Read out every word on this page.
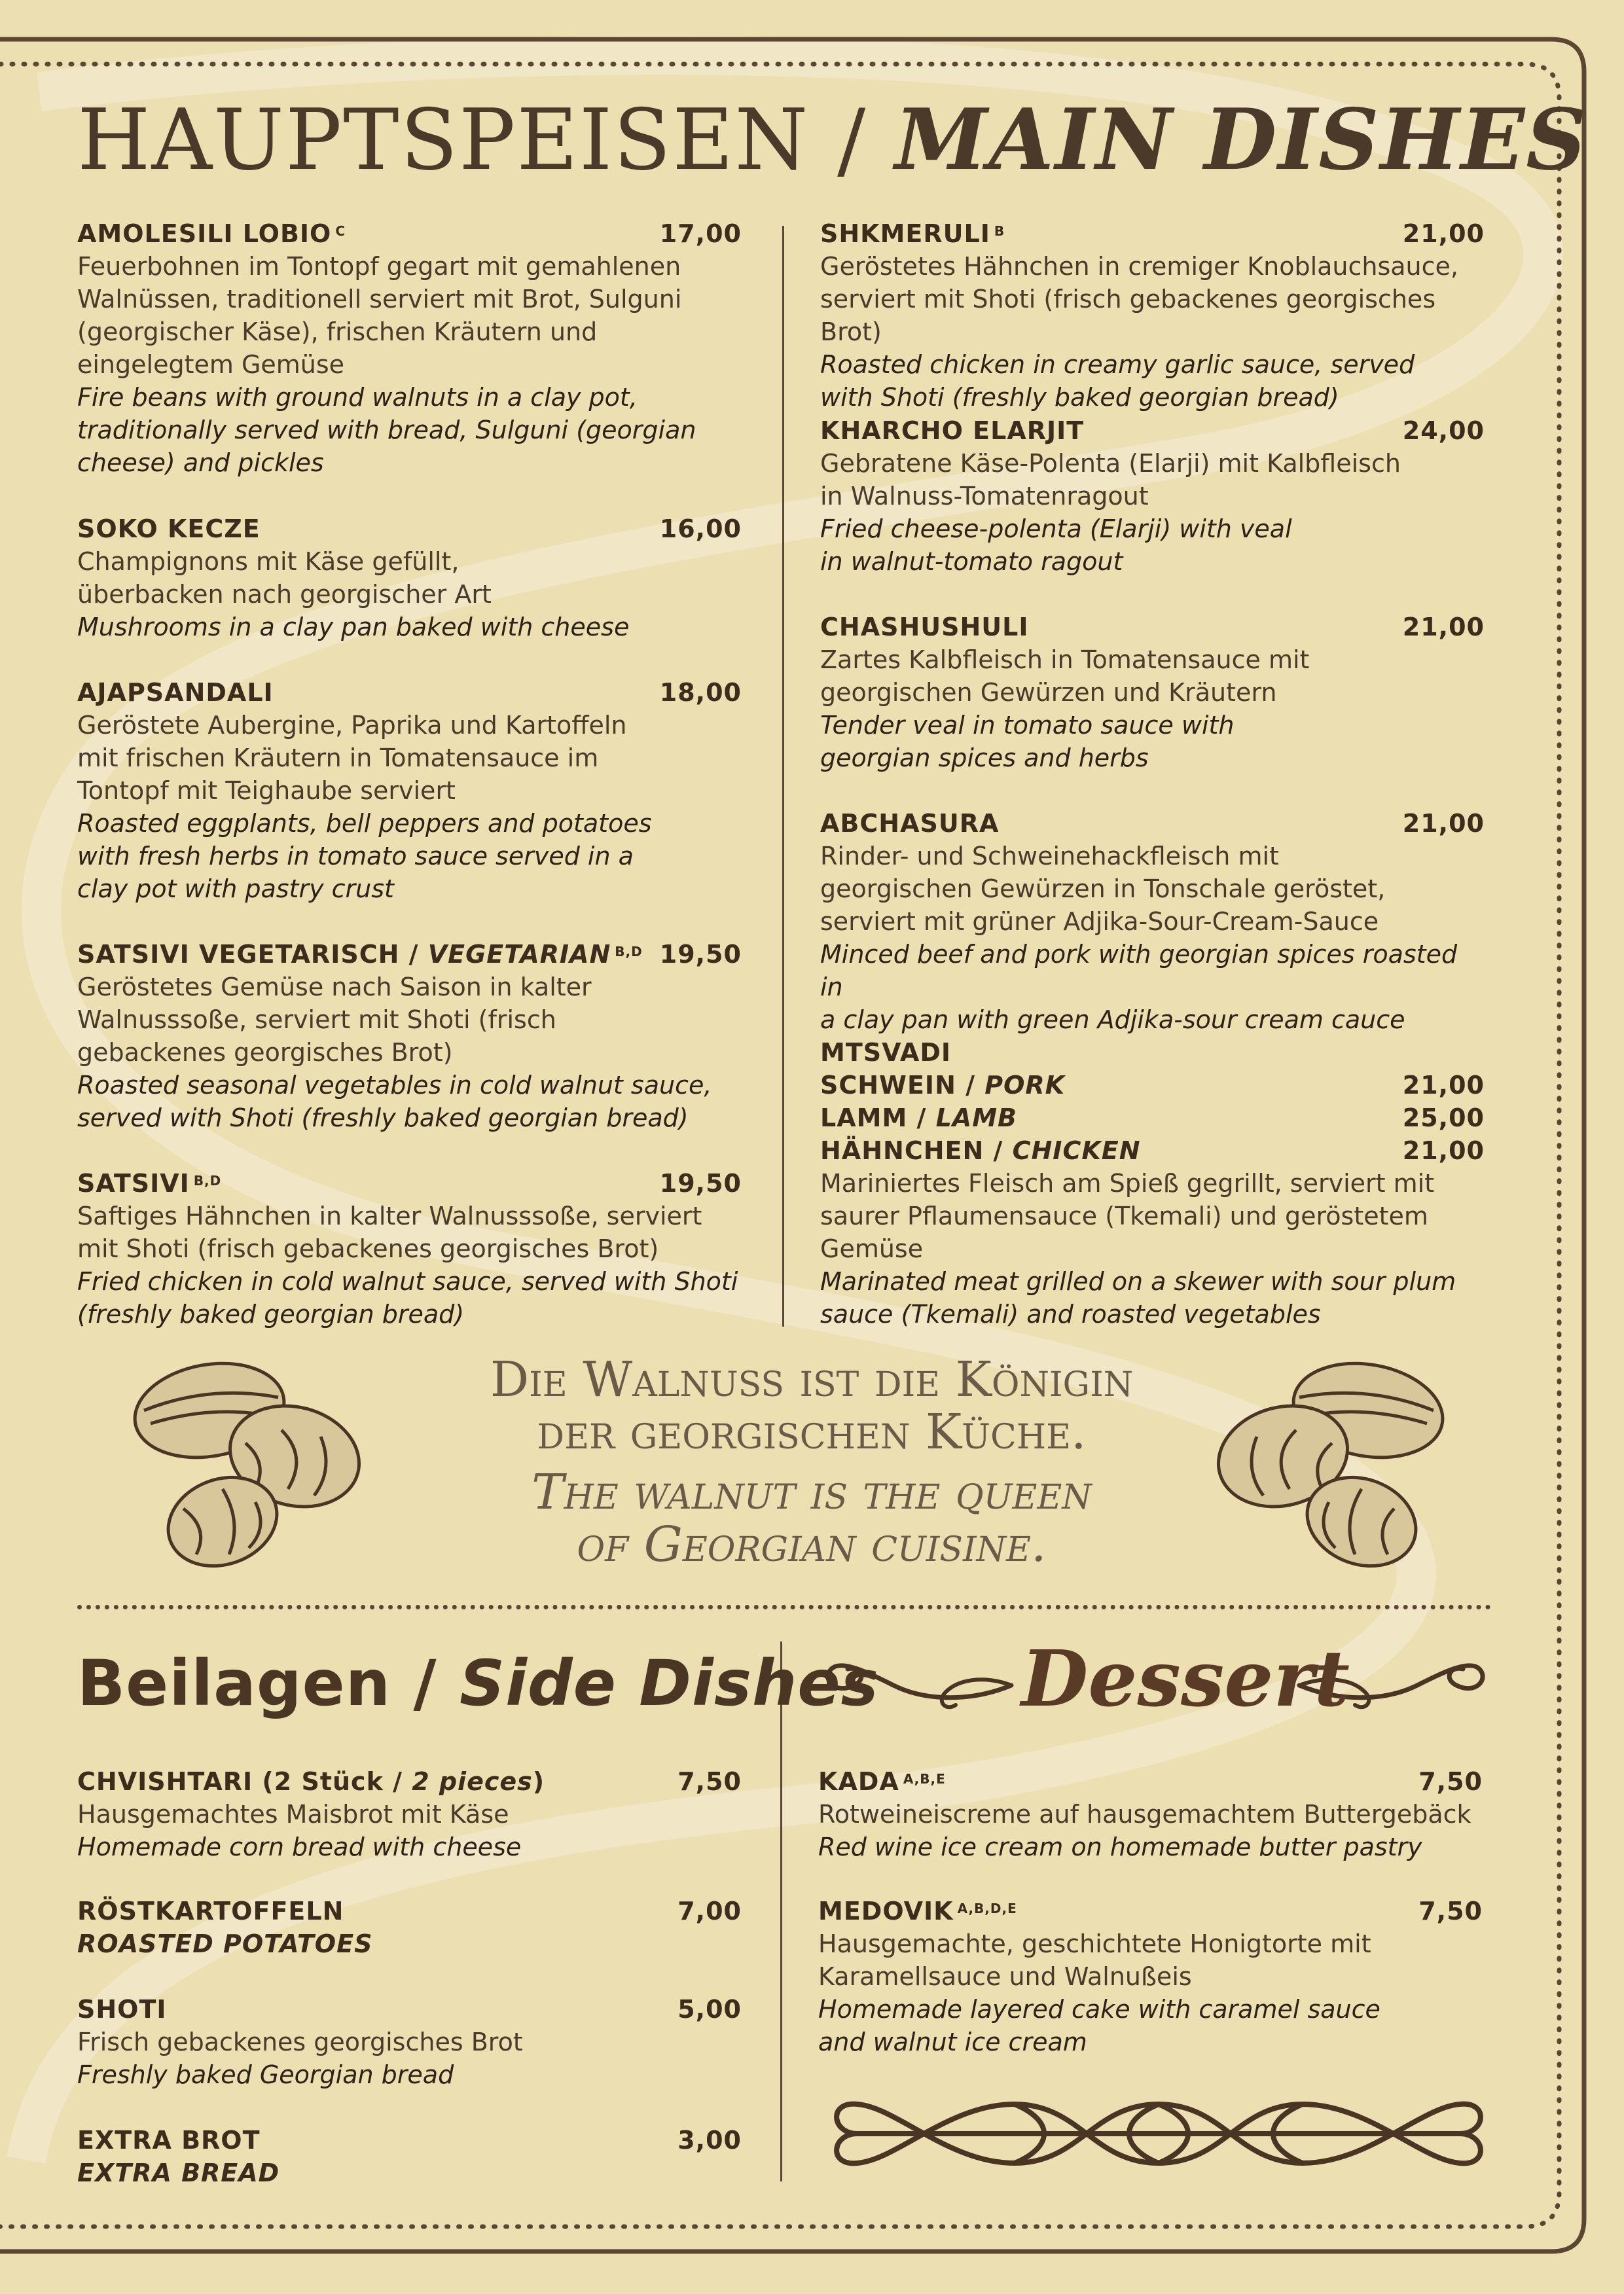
HAUPTSPEISEN / MAIN DISHES
AMOLESILI LOBIO $^C$	17,00
Feuerbohnen im Tontopf gegart mit gemahlenen
Walnüssen, traditionell serviert mit Brot, Sulguni
(georgischer Käse), frischen Kräutern und
eingelegtem Gemüse
Fire beans with ground walnuts in a clay pot,
traditionally served with bread, Sulguni (georgian
cheese) and pickles
SOKO KECZE	16,00
Champignons mit Käse gefüllt,
überbacken nach georgischer Art
Mushrooms in a clay pan baked with cheese
AJAPSANDALI	18,00
Geröstete Aubergine, Paprika und Kartoffeln
mit frischen Kräutern in Tomatensauce im
Tontopf mit Teighaube serviert
Roasted eggplants, bell peppers and potatoes
with fresh herbs in tomato sauce served in a
clay pot with pastry crust
SATSIVI VEGETARISCH / VEGETARIAN $^{B,D}$ 19,50
Geröstetes Gemüse nach Saison in kalter
Walnusssoße, serviert mit Shoti (frisch
gebackenes georgisches Brot)
Roasted seasonal vegetables in cold walnut sauce,
served with Shoti (freshly baked georgian bread)
SATSIVI $^{B,D}$	19,50
Saftiges Hähnchen in kalter Walnusssoße, serviert
mit Shoti (frisch gebackenes georgisches Brot)
Fried chicken in cold walnut sauce, served with Shoti
(freshly baked georgian bread)
SHKMERULI $^B$	21,00
Geröstetes Hähnchen in cremiger Knoblauchsauce,
serviert mit Shoti (frisch gebackenes georgisches Brot)
Roasted chicken in creamy garlic sauce, served
with Shoti (freshly baked georgian bread)
KHARCHO ELARJIT	24,00
Gebratene Käse-Polenta (Elarji) mit Kalbfleisch
in Walnuss-Tomatenragout
Fried cheese-polenta (Elarji) with veal
in walnut-tomato ragout
CHASHUSHULI	21,00
Zartes Kalbfleisch in Tomatensauce mit
georgischen Gewürzen und Kräutern
Tender veal in tomato sauce with
georgian spices and herbs
ABCHASURA	21,00
Rinder- und Schweinehackfleisch mit
georgischen Gewürzen in Tonschale geröstet,
serviert mit grüner Adjika-Sour-Cream-Sauce
Minced beef and pork with georgian spices roasted in
a clay pan with green Adjika-sour cream cauce
MTSVADI
SCHWEIN / PORK	21,00
LAMM / LAMB	25,00
HÄHNCHEN / CHICKEN	21,00
Mariniertes Fleisch am Spieß gegrillt, serviert mit
saurer Pflaumensauce (Tkemali) und geröstetem
Gemüse
Marinated meat grilled on a skewer with sour plum
sauce (Tkemali) and roasted vegetables
Die Walnuss ist die Königin
der georgischen Küche.
The walnut is the queen
of Georgian cuisine.
Beilagen / Side Dishes
CHVISHTARI (2 Stück / 2 pieces)	7,50
Hausgemachtes Maisbrot mit Käse
Homemade corn bread with cheese
RÖSTKARTOFFELN	7,00
ROASTED POTATOES
SHOTI	5,00
Frisch gebackenes georgisches Brot
Freshly baked Georgian bread
EXTRA BROT	3,00
EXTRA BREAD
Dessert
KADA $^{A,B,E}$	7,50
Rotweineiscreme auf hausgemachtem Buttergebäck
Red wine ice cream on homemade butter pastry
MEDOVIK $^{A,B,D,E}$	7,50
Hausgemachte, geschichtete Honigtorte mit
Karamellsauce und Walnußeis
Homemade layered cake with caramel sauce
and walnut ice cream
